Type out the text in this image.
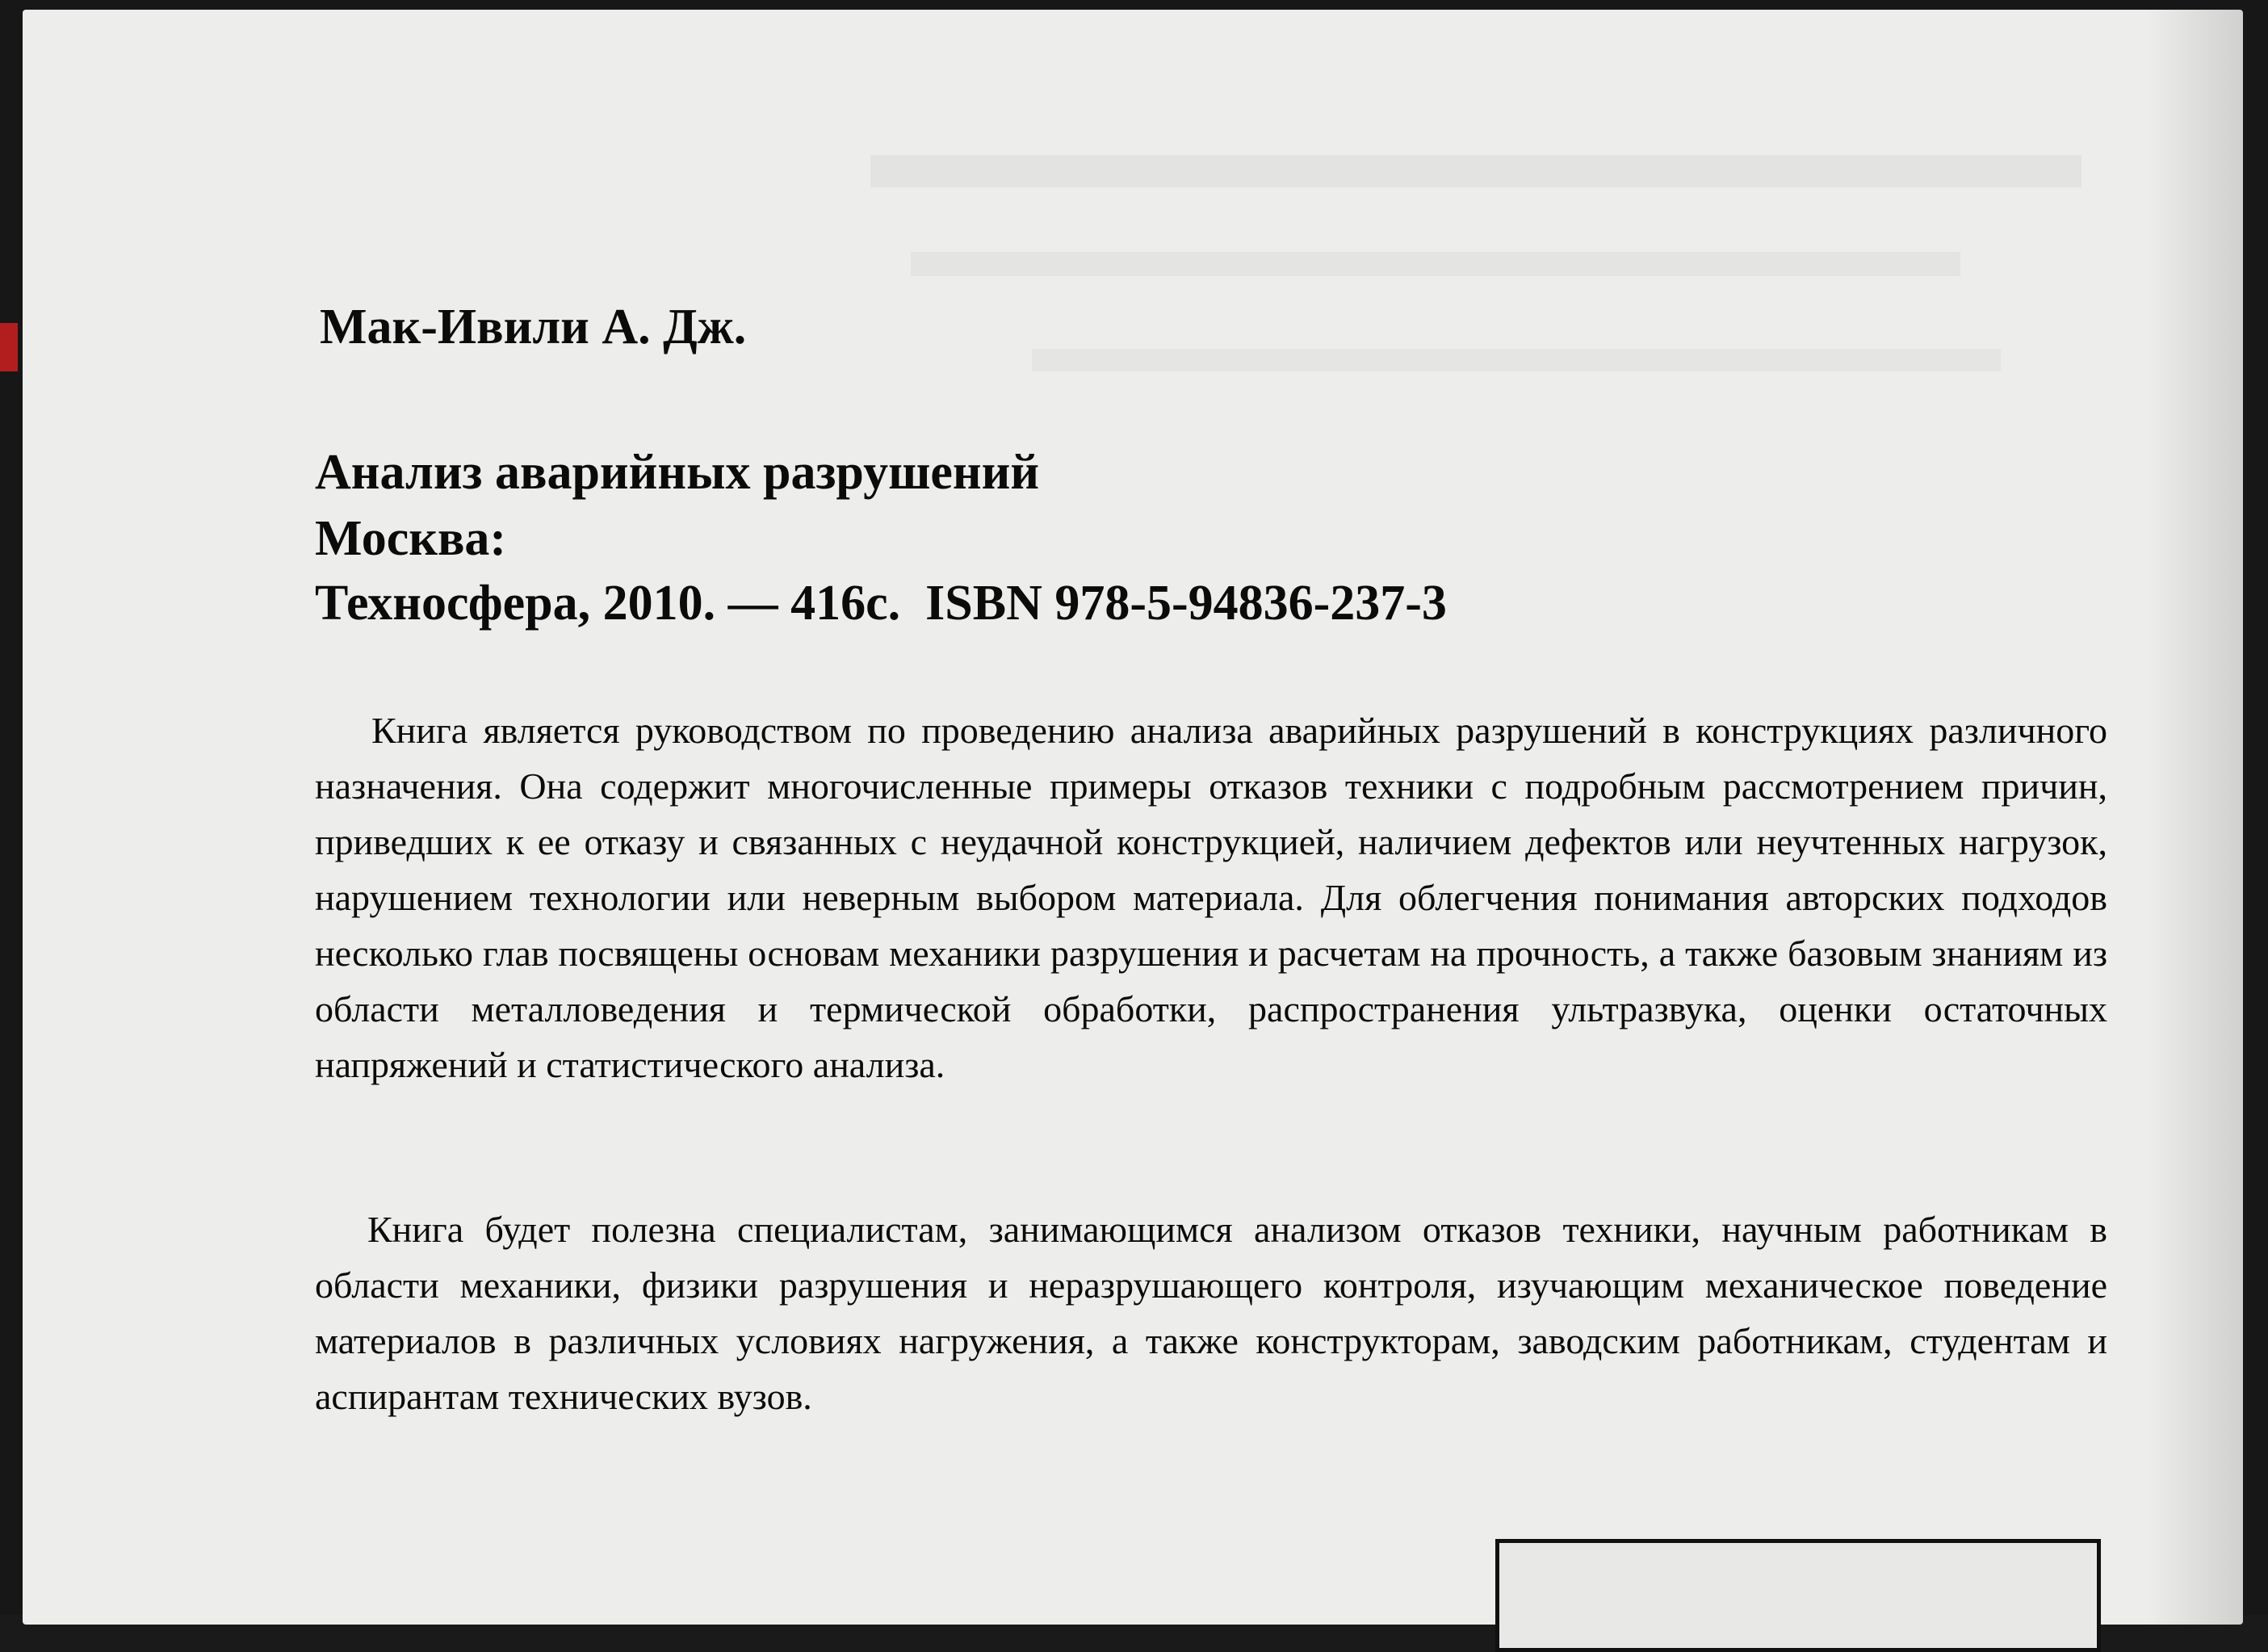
Мак-Ивили А. Дж.
Анализ аварийных разрушений
Москва:
Техносфера, 2010. — 416с. ISBN 978-5-94836-237-3

Книга является руководством по проведению анализа аварийных разрушений в конструкциях различного назначения. Она содержит многочисленные примеры отказов техники с подробным рассмотрением причин, приведших к ее отказу и связанных с неудачной конструкцией, наличием дефектов или неучтенных нагрузок, нарушением технологии или неверным выбором материала. Для облегчения понимания авторских подходов несколько глав посвящены основам механики разрушения и расчетам на прочность, а также базовым знаниям из области металловедения и термической обработки, распространения ультразвука, оценки остаточных напряжений и статистического анализа.

Книга будет полезна специалистам, занимающимся анализом отказов техники, научным работникам в области механики, физики разрушения и неразрушающего контроля, изучающим механическое поведение материалов в различных условиях нагружения, а также конструкторам, заводским работникам, студентам и аспирантам технических вузов.
